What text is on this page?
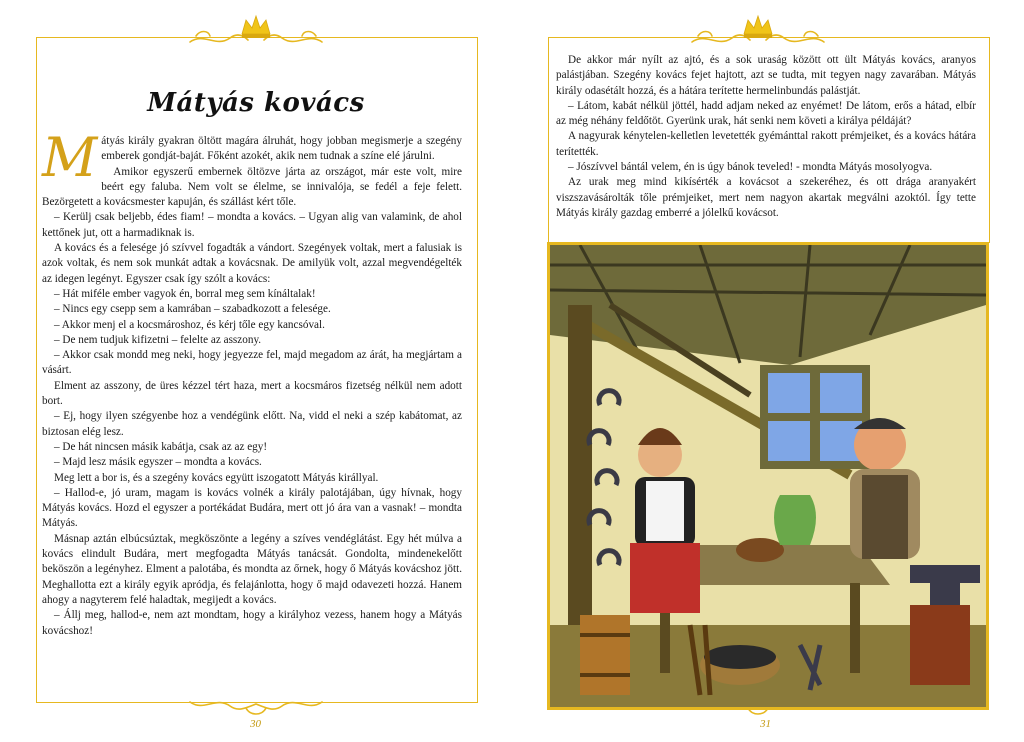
Mátyás kovács

Mátyás király gyakran öltött magára álruhát, hogy jobban megismerje a szegény emberek gondját-baját. Főként azokét, akik nem tudnak a színe elé járulni.

Amikor egyszerű embernek öltözve járta az országot, már este volt, mire beért egy faluba. Nem volt se élelme, se innivalója, se fedél a feje felett. Bezörgetett a kovácsmester kapuján, és szállást kért tőle.

– Kerülj csak beljebb, édes fiam! – mondta a kovács. – Ugyan alig van valamink, de ahol kettőnek jut, ott a harmadiknak is.

A kovács és a felesége jó szívvel fogadták a vándort. Szegények voltak, mert a falusiak is azok voltak, és nem sok munkát adtak a kovácsnak. De amilyük volt, azzal megvendégelték az idegen legényt. Egyszer csak így szólt a kovács:

– Hát miféle ember vagyok én, borral meg sem kínáltalak!

– Nincs egy csepp sem a kamrában – szabadkozott a felesége.

– Akkor menj el a kocsmároshoz, és kérj tőle egy kancsóval.

– De nem tudjuk kifizetni – felelte az asszony.

– Akkor csak mondd meg neki, hogy jegyezze fel, majd megadom az árát, ha megjártam a vásárt.

Elment az asszony, de üres kézzel tért haza, mert a kocsmáros fizetség nélkül nem adott bort.

– Ej, hogy ilyen szégyenbe hoz a vendégünk előtt. Na, vidd el neki a szép kabátomat, az biztosan elég lesz.

– De hát nincsen másik kabátja, csak az az egy!

– Majd lesz másik egyszer – mondta a kovács.

Meg lett a bor is, és a szegény kovács együtt iszogatott Mátyás királlyal.

– Hallod-e, jó uram, magam is kovács volnék a király palotájában, úgy hívnak, hogy Mátyás kovács. Hozd el egyszer a portékádat Budára, mert ott jó ára van a vasnak! – mondta Mátyás.

Másnap aztán elbúcsúztak, megköszönte a legény a szíves vendéglátást. Egy hét múlva a kovács elindult Budára, mert megfogadta Mátyás tanácsát. Gondolta, mindenekelőtt beköszön a legényhez. Elment a palotába, és mondta az őrnek, hogy ő Mátyás kovácshoz jött. Meghallotta ezt a király egyik apródja, és felajánlotta, hogy ő majd odavezeti hozzá. Hanem ahogy a nagyterem felé haladtak, megijedt a kovács.

– Állj meg, hallod-e, nem azt mondtam, hogy a királyhoz vezess, hanem hogy a Mátyás kovácshoz!

30

De akkor már nyílt az ajtó, és a sok uraság között ott ült Mátyás kovács, aranyos palástjában. Szegény kovács fejet hajtott, azt se tudta, mit tegyen nagy zavarában. Mátyás király odasétált hozzá, és a hátára terítette hermelinbundás palástját.

– Látom, kabát nélkül jöttél, hadd adjam neked az enyémet! De látom, erős a hátad, elbír az még néhány feldőtöt. Gyerünk urak, hát senki nem követi a királya példáját?

A nagyurak kénytelen-kelletlen levetették gyémánttal rakott prémjeiket, és a kovács hátára terítették.

– Jószívvel bántál velem, én is úgy bánok teveled! - mondta Mátyás mosolyogva.

Az urak meg mind kikísérték a kovácsot a szekeréhez, és ott drága aranyakért viszszavásárolták tőle prémjeiket, mert nem nagyon akartak megválni azoktól. Így tette Mátyás király gazdag emberré a jólelkű kovácsot.

31
